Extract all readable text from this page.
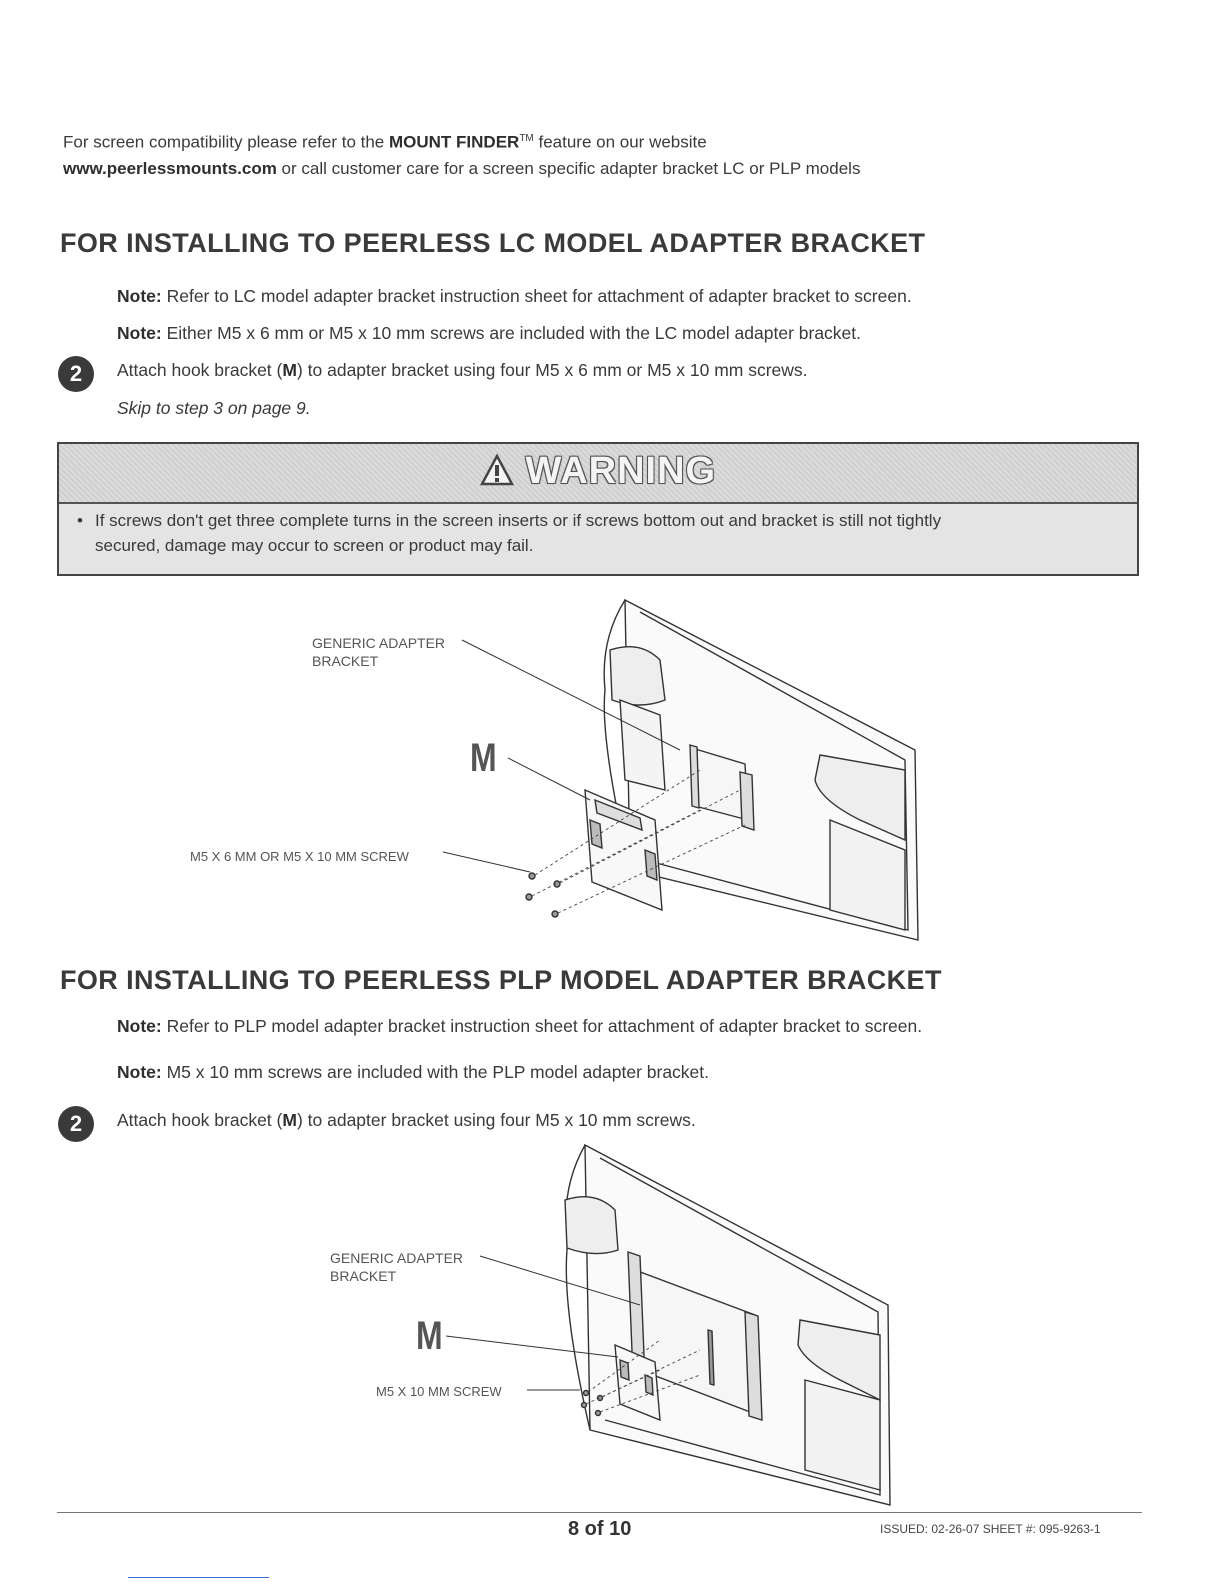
For screen compatibility please refer to the MOUNT FINDER™ feature on our website
www.peerlessmounts.com or call customer care for a screen specific adapter bracket LC or PLP models
FOR INSTALLING TO PEERLESS LC MODEL ADAPTER BRACKET
Note: Refer to LC model adapter bracket instruction sheet for attachment of adapter bracket to screen.
Note: Either M5 x 6 mm or M5 x 10 mm screws are included with the LC model adapter bracket.
2	Attach hook bracket (M) to adapter bracket using four M5 x 6 mm or M5 x 10 mm screws.
Skip to step 3 on page 9.
WARNING
• If screws don't get three complete turns in the screen inserts or if screws bottom out and bracket is still not tightly
secured, damage may occur to screen or product may fail.
GENERIC ADAPTER
BRACKET
M
M5 X 6 MM OR M5 X 10 MM SCREW
FOR INSTALLING TO PEERLESS PLP MODEL ADAPTER BRACKET
Note: Refer to PLP model adapter bracket instruction sheet for attachment of adapter bracket to screen.
Note: M5 x 10 mm screws are included with the PLP model adapter bracket.
2	Attach hook bracket (M) to adapter bracket using four M5 x 10 mm screws.
GENERIC ADAPTER
BRACKET
M
M5 X 10 MM SCREW
8 of 10	ISSUED: 02-26-07 SHEET #: 095-9263-1
